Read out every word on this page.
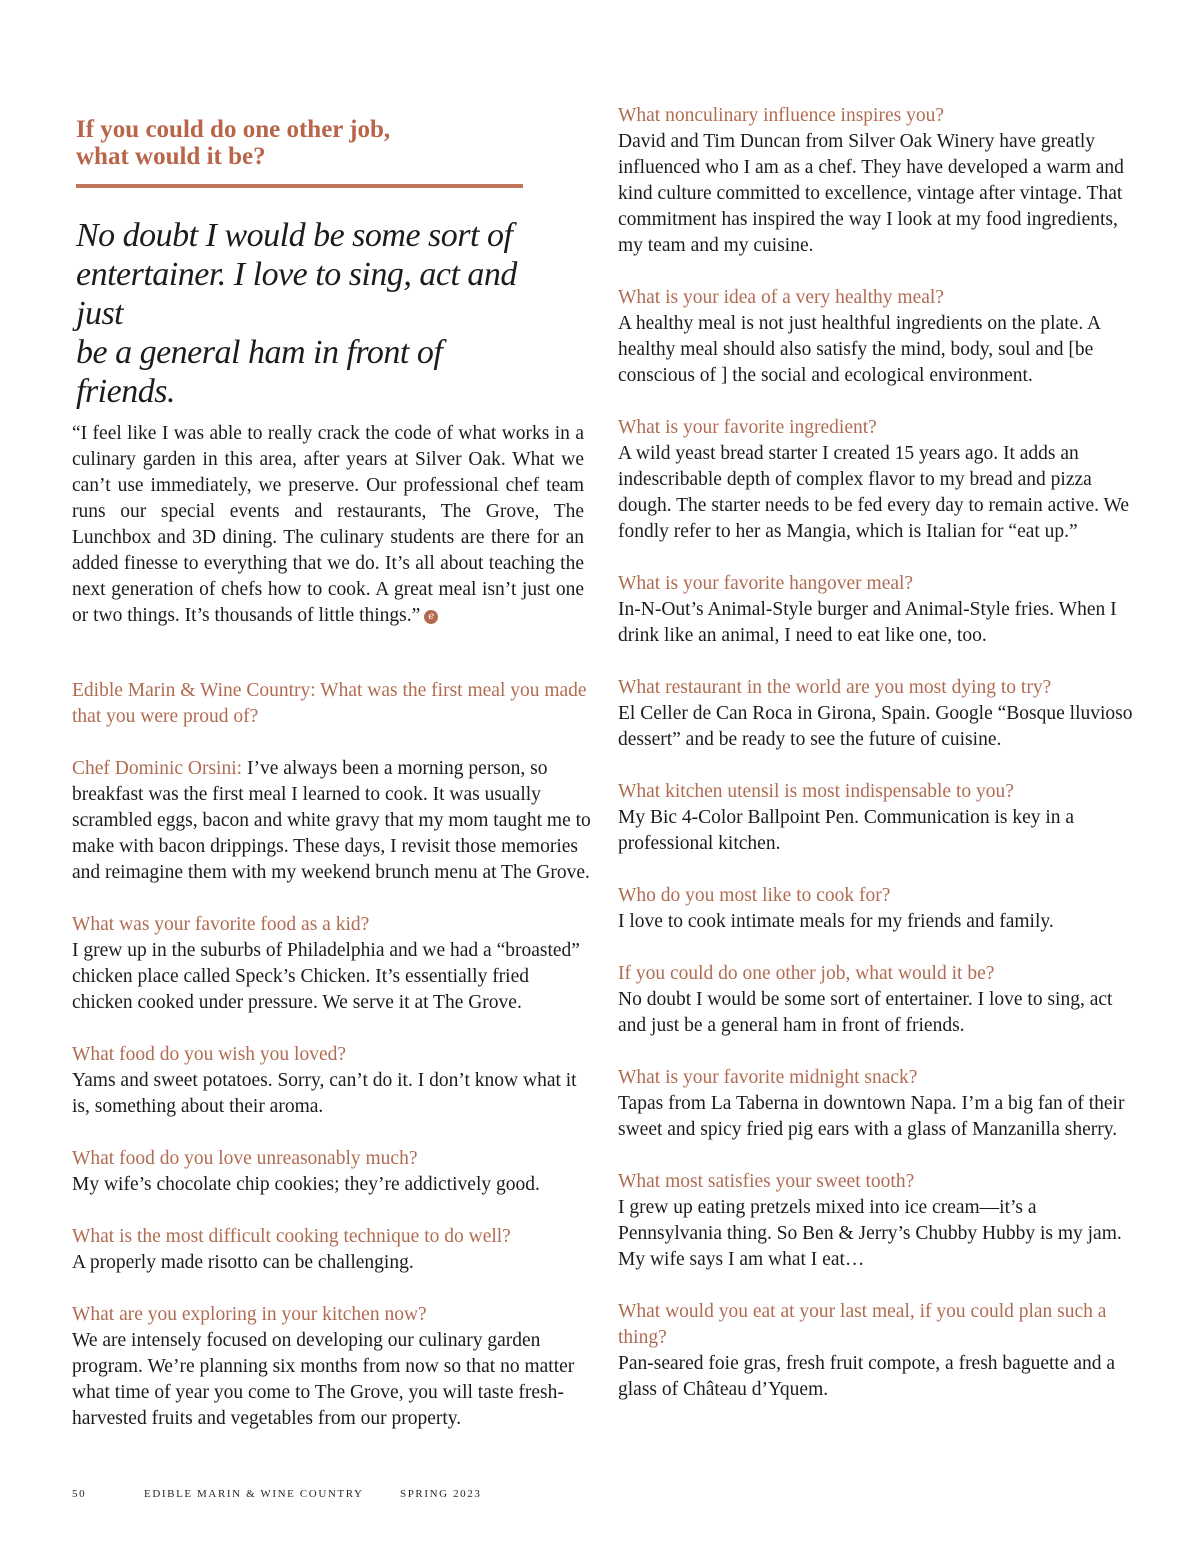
If you could do one other job,
what would it be?
No doubt I would be some sort of
entertainer. I love to sing, act and just
be a general ham in front of friends.
“I feel like I was able to really crack the code of what works in a culinary garden in this area, after years at Silver Oak. What we can’t use immediately, we preserve. Our professional chef team runs our special events and restaurants, The Grove, The Lunchbox and 3D dining. The culinary students are there for an added finesse to everything that we do. It’s all about teaching the next generation of chefs how to cook. A great meal isn’t just one or two things. It’s thousands of little things.” e
Edible Marin & Wine Country: What was the first meal you made that you were proud of?
Chef Dominic Orsini: I’ve always been a morning person, so breakfast was the first meal I learned to cook. It was usually scrambled eggs, bacon and white gravy that my mom taught me to make with bacon drippings. These days, I revisit those memories and reimagine them with my weekend brunch menu at The Grove.
What was your favorite food as a kid?
I grew up in the suburbs of Philadelphia and we had a “broasted” chicken place called Speck’s Chicken. It’s essentially fried chicken cooked under pressure. We serve it at The Grove.
What food do you wish you loved?
Yams and sweet potatoes. Sorry, can’t do it. I don’t know what it is, something about their aroma.
What food do you love unreasonably much?
My wife’s chocolate chip cookies; they’re addictively good.
What is the most difficult cooking technique to do well?
A properly made risotto can be challenging.
What are you exploring in your kitchen now?
We are intensely focused on developing our culinary garden program. We’re planning six months from now so that no matter what time of year you come to The Grove, you will taste fresh-harvested fruits and vegetables from our property.
What nonculinary influence inspires you?
David and Tim Duncan from Silver Oak Winery have greatly influenced who I am as a chef. They have developed a warm and kind culture committed to excellence, vintage after vintage. That commitment has inspired the way I look at my food ingredients, my team and my cuisine.
What is your idea of a very healthy meal?
A healthy meal is not just healthful ingredients on the plate. A healthy meal should also satisfy the mind, body, soul and [be conscious of ] the social and ecological environment.
What is your favorite ingredient?
A wild yeast bread starter I created 15 years ago. It adds an indescribable depth of complex flavor to my bread and pizza dough. The starter needs to be fed every day to remain active. We fondly refer to her as Mangia, which is Italian for “eat up.”
What is your favorite hangover meal?
In-N-Out’s Animal-Style burger and Animal-Style fries. When I drink like an animal, I need to eat like one, too.
What restaurant in the world are you most dying to try?
El Celler de Can Roca in Girona, Spain. Google “Bosque lluvioso dessert” and be ready to see the future of cuisine.
What kitchen utensil is most indispensable to you?
My Bic 4-Color Ballpoint Pen. Communication is key in a professional kitchen.
Who do you most like to cook for?
I love to cook intimate meals for my friends and family.
If you could do one other job, what would it be?
No doubt I would be some sort of entertainer. I love to sing, act and just be a general ham in front of friends.
What is your favorite midnight snack?
Tapas from La Taberna in downtown Napa. I’m a big fan of their sweet and spicy fried pig ears with a glass of Manzanilla sherry.
What most satisfies your sweet tooth?
I grew up eating pretzels mixed into ice cream—it’s a Pennsylvania thing. So Ben & Jerry’s Chubby Hubby is my jam. My wife says I am what I eat…
What would you eat at your last meal, if you could plan such a thing?
Pan-seared foie gras, fresh fruit compote, a fresh baguette and a glass of Château d’Yquem.
50	EDIBLE MARIN & WINE COUNTRY	SPRING 2023
